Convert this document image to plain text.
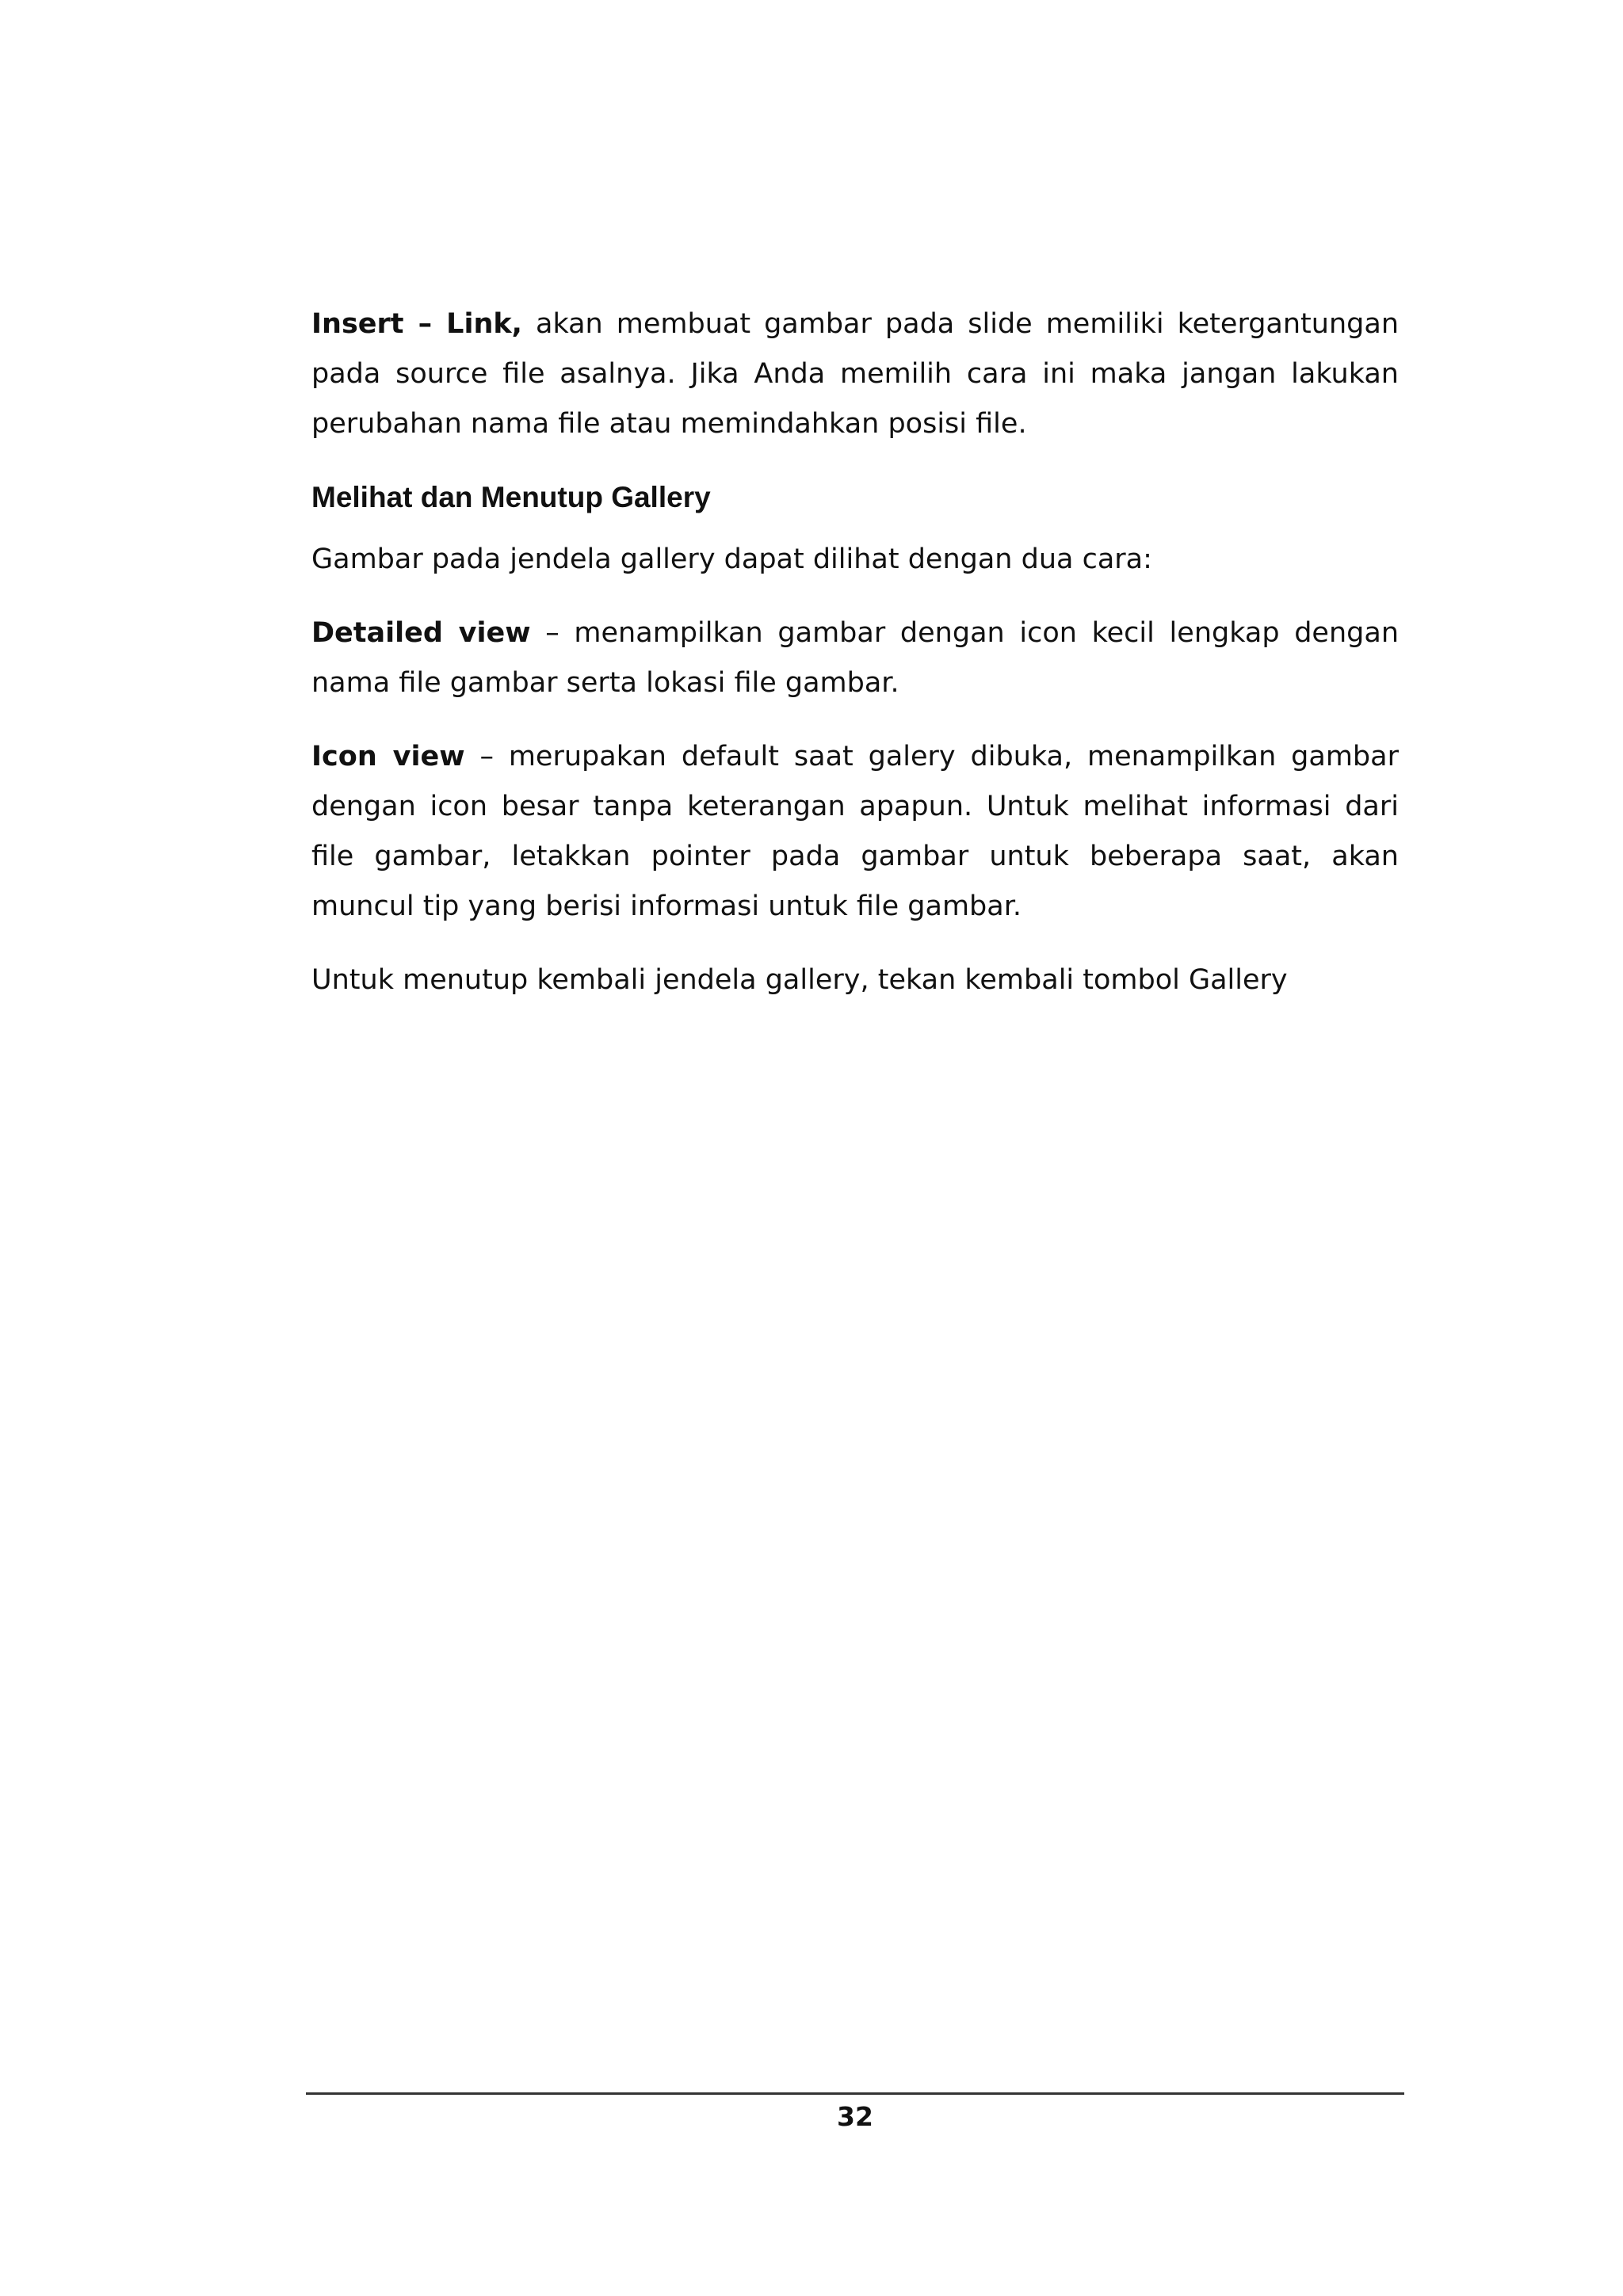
Insert – Link, akan membuat gambar pada slide memiliki ketergantungan pada source file asalnya. Jika Anda memilih cara ini maka jangan lakukan perubahan nama file atau memindahkan posisi file.

Melihat dan Menutup Gallery

Gambar pada jendela gallery dapat dilihat dengan dua cara:

Detailed view – menampilkan gambar dengan icon kecil lengkap dengan nama file gambar serta lokasi file gambar.

Icon view – merupakan default saat galery dibuka, menampilkan gambar dengan icon besar tanpa keterangan apapun. Untuk melihat informasi dari file gambar, letakkan pointer pada gambar untuk beberapa saat, akan muncul tip yang berisi informasi untuk file gambar.

Untuk menutup kembali jendela gallery, tekan kembali tombol Gallery

32
